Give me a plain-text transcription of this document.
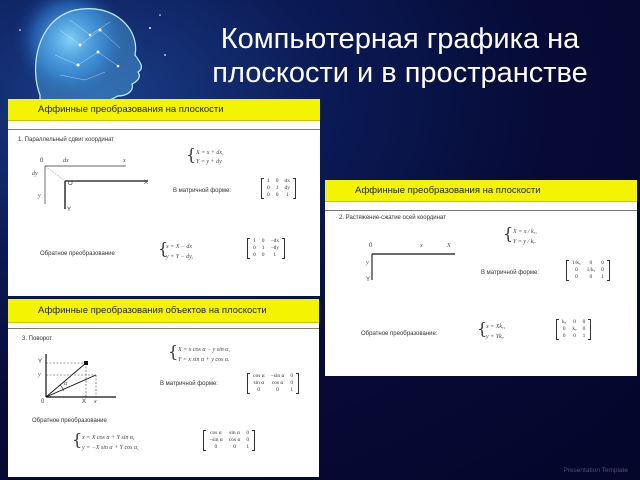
Компьютерная графика на плоскости и в пространстве
Аффинные преобразования на плоскости
1. Параллельный сдвиг координат
0	dx	x
dy
O	X
y
Y
{ X = x + dx,
Y = y + dy
В матричной форме:
1	0	dx
0	1	dy
0	0	1
Обратное преобразование	{
x = X − dx
y = Y − dy,
1	0	−dx
0	1	−dy
0	0	1
Аффинные преобразования на плоскости
2. Растяжение-сжатие осей координат
0	x	X
y
Y
{ X = x / kₓ,
Y = y / kᵧ.
В матричной форме:
1/kₓ	0	0
0	1/kᵧ	0
0	0	1
Обратное преобразование: {
x = Xkₓ,
y = Ykᵧ.
kₓ	0	0
0	kᵧ	0
0	0	1
Аффинные преобразования объектов на плоскости
3. Поворот
Y
y
α
0	X x
{ X = x cos α − y sin α,
Y = x sin α + y cos α.
В матричной форме:
cos α	−sin α	0
sin α	cos α	0
0	0	1
Обратное преобразование
{ x = X cos α + Y sin α,
y = −X sin α + Y cos α,
cos α	sin α	0
−sin α	cos α	0
0	0	1
Presentation Template
